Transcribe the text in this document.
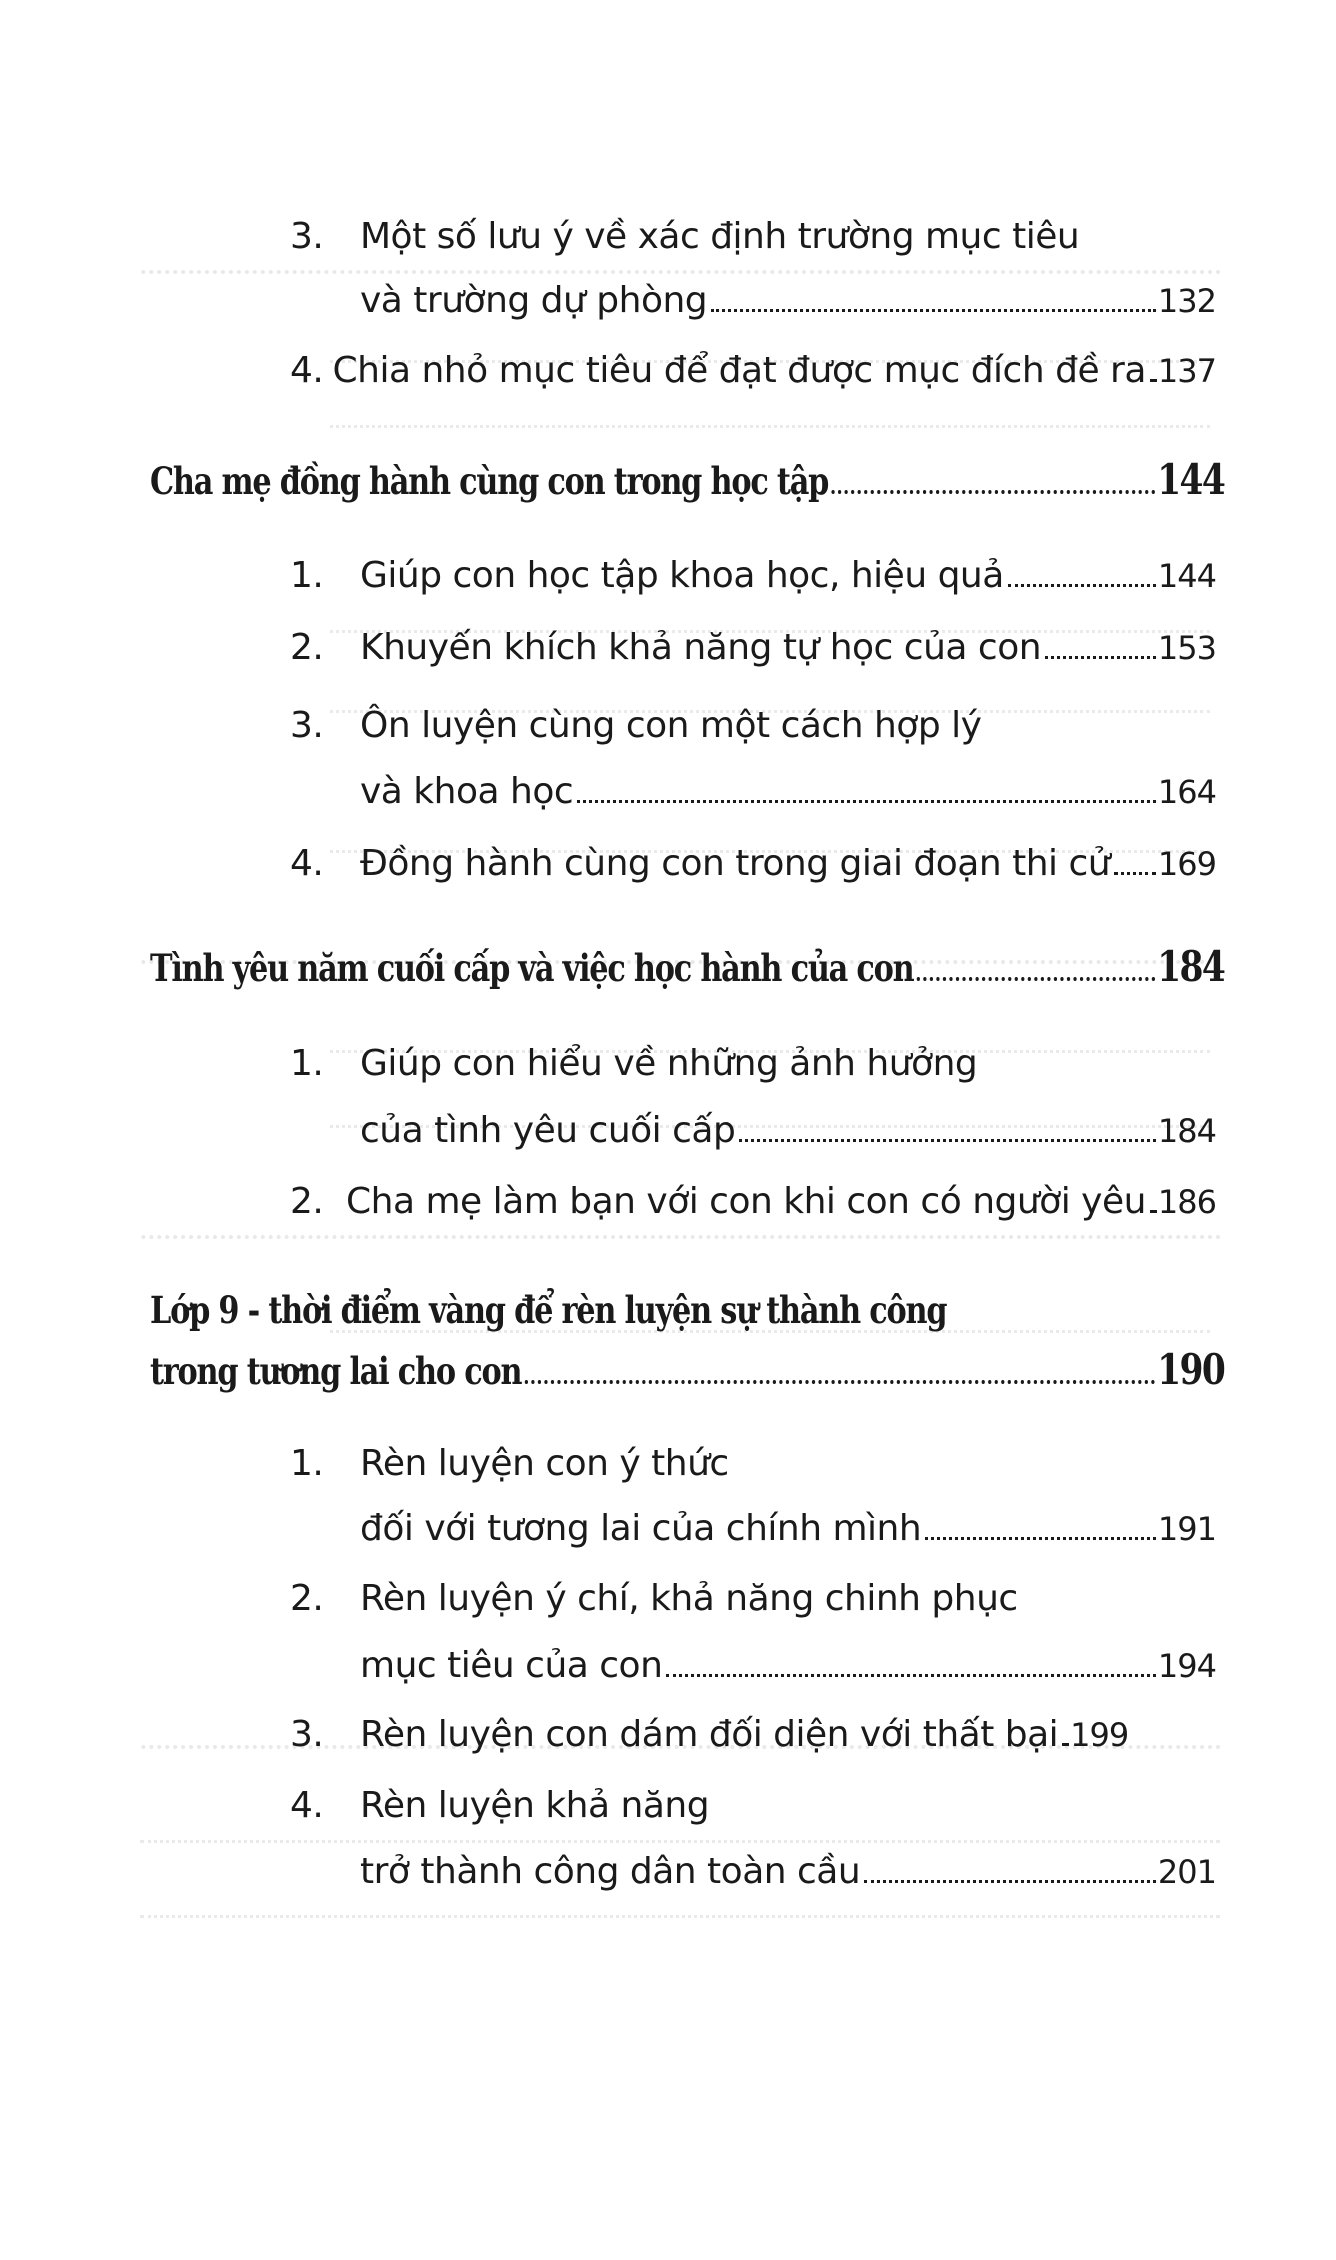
3.	Một số lưu ý về xác định trường mục tiêu
và trường dự phòng	132
4. Chia nhỏ mục tiêu để đạt được mục đích đề ra 137
Cha mẹ đồng hành cùng con trong học tập	144
1.	Giúp con học tập khoa học, hiệu quả	144
2.	Khuyến khích khả năng tự học của con	153
3.	Ôn luyện cùng con một cách hợp lý
và khoa học	164
4.	Đồng hành cùng con trong giai đoạn thi cử 169
Tình yêu năm cuối cấp và việc học hành của con	184
1.	Giúp con hiểu về những ảnh hưởng
của tình yêu cuối cấp	184
2. Cha mẹ làm bạn với con khi con có người yêu 186
Lớp 9 - thời điểm vàng để rèn luyện sự thành công
trong tương lai cho con	190
1.	Rèn luyện con ý thức
đối với tương lai của chính mình	191
2.	Rèn luyện ý chí, khả năng chinh phục
mục tiêu của con	194
3.	Rèn luyện con dám đối diện với thất bại 199
4.	Rèn luyện khả năng
trở thành công dân toàn cầu	201
